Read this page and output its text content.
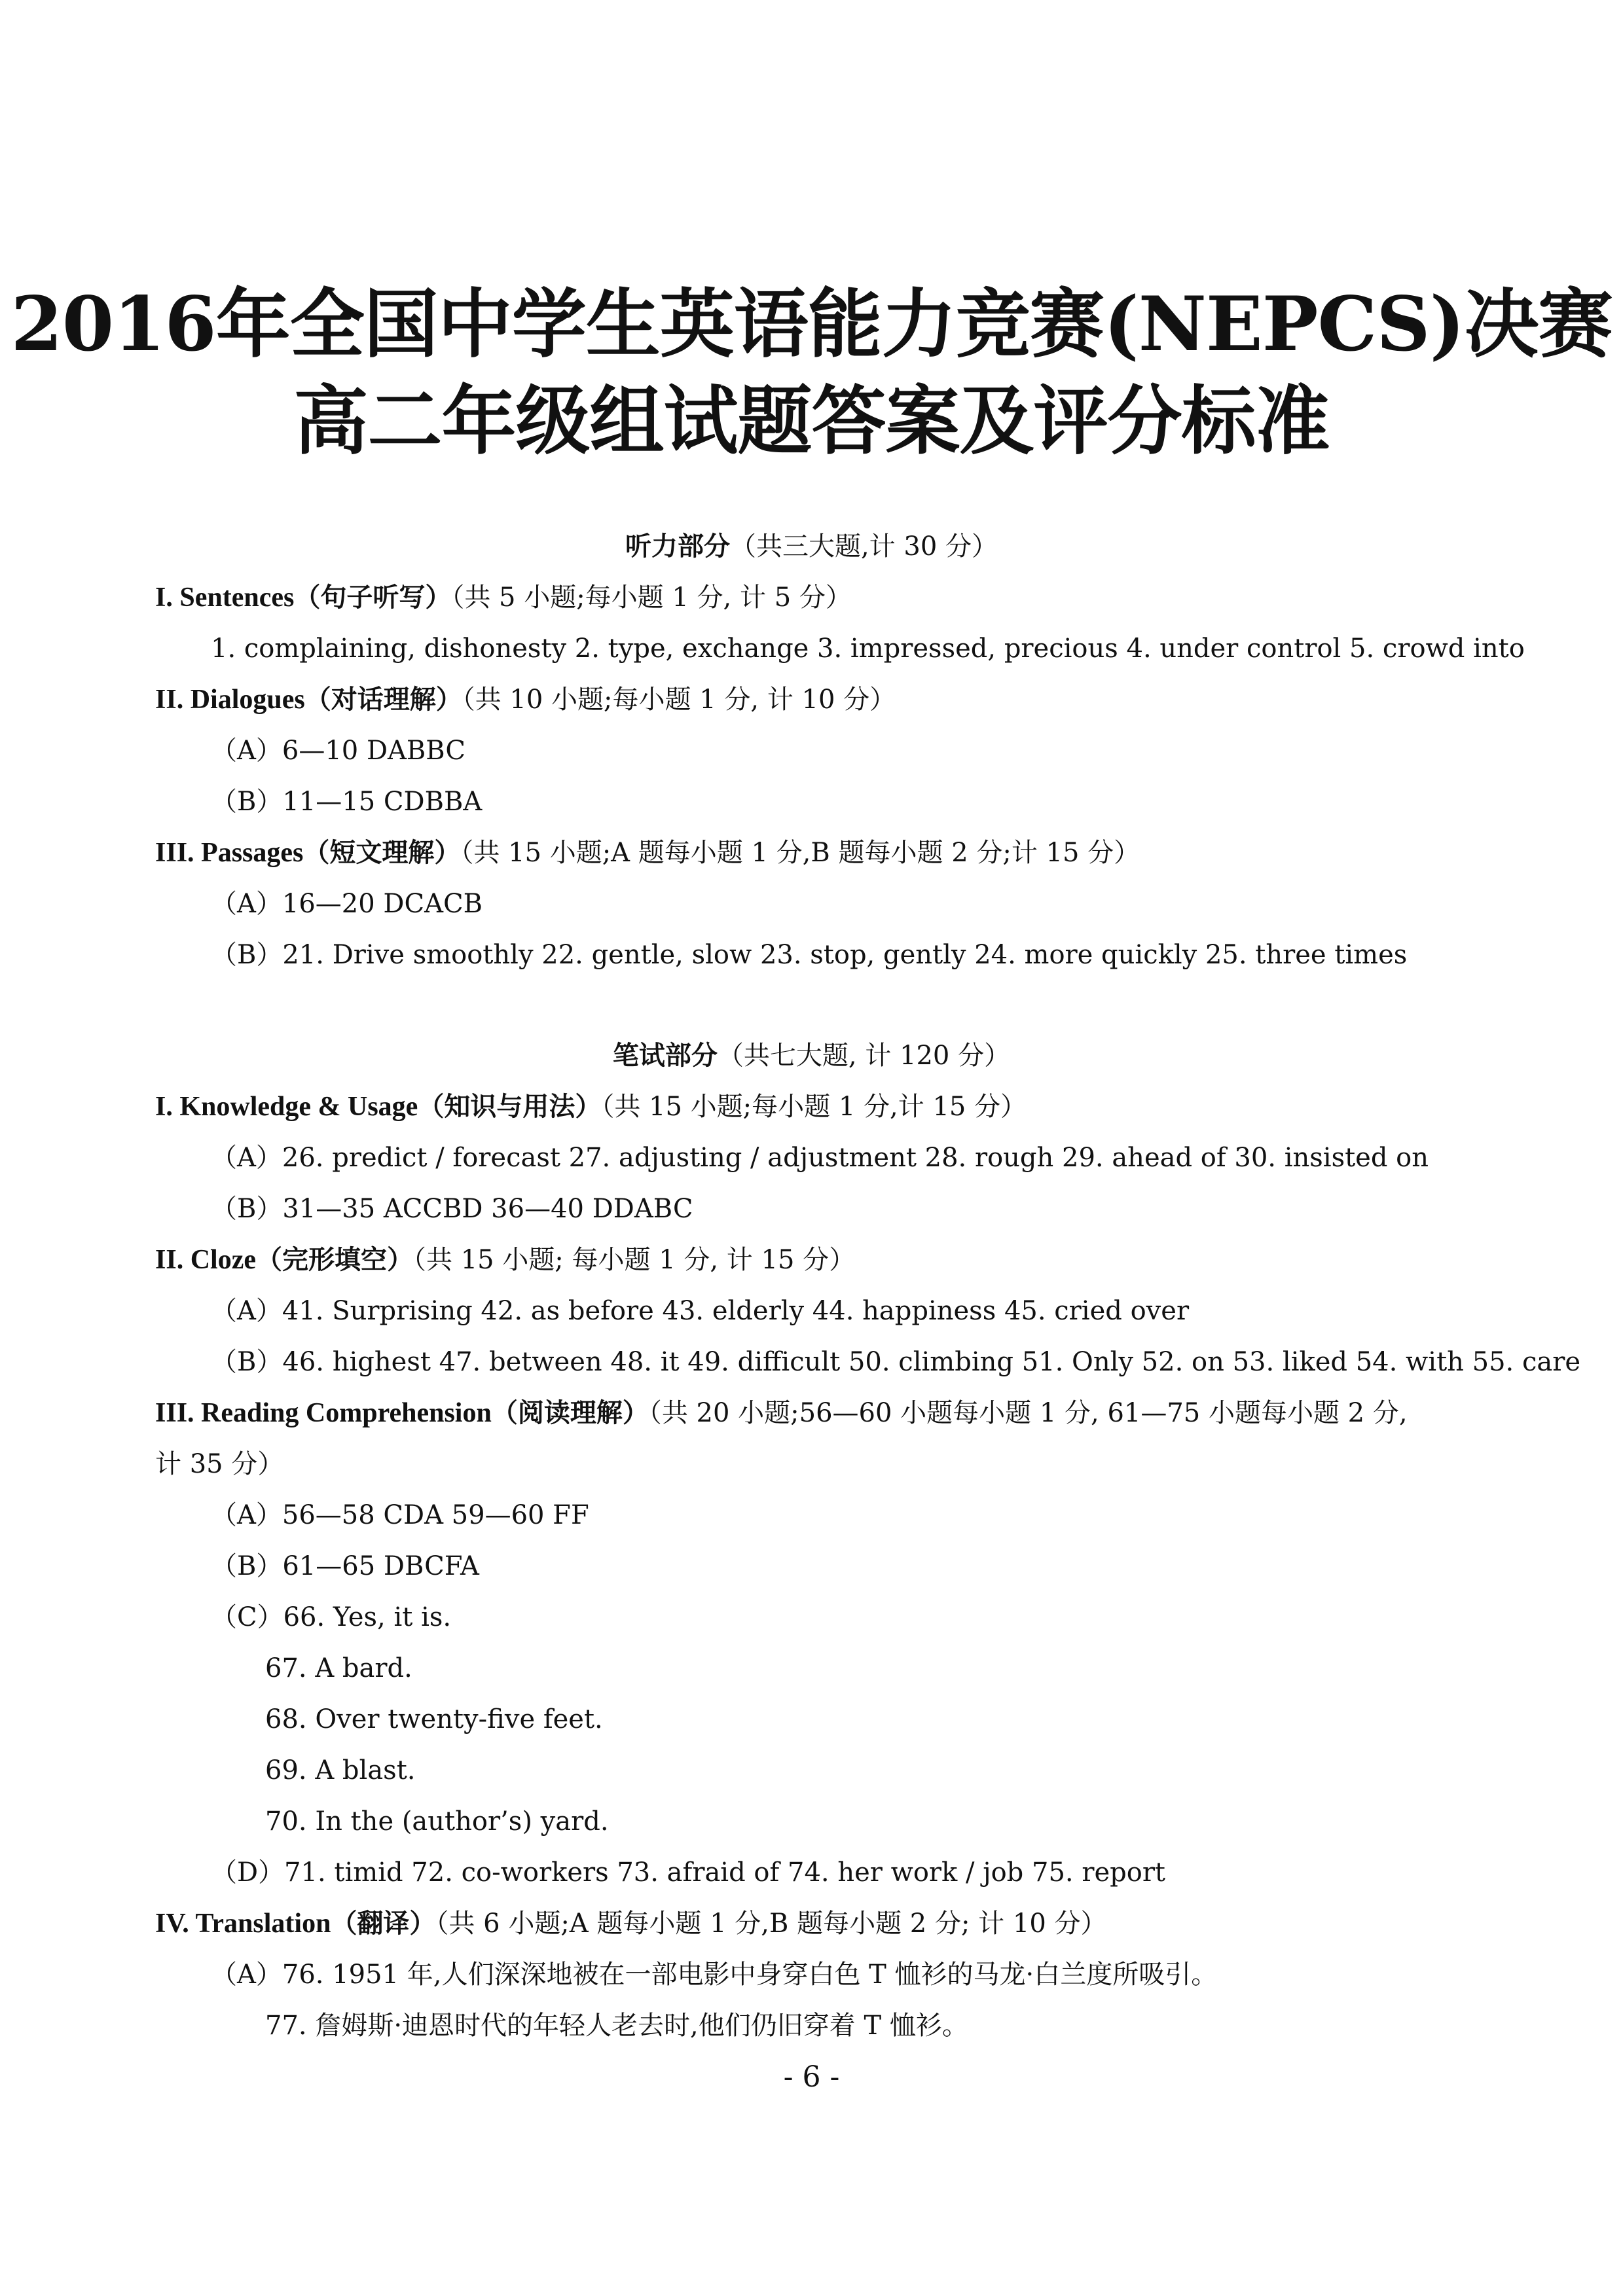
2016年全国中学生英语能力竞赛(NEPCS)决赛
高二年级组试题答案及评分标准
听力部分（共三大题,计 30 分）
I. Sentences（句子听写）（共 5 小题;每小题 1 分, 计 5 分）
1. complaining, dishonesty 2. type, exchange 3. impressed, precious 4. under control 5. crowd into
II. Dialogues（对话理解）（共 10 小题;每小题 1 分, 计 10 分）
（A）6—10 DABBC
（B）11—15 CDBBA
III. Passages（短文理解）（共 15 小题;A 题每小题 1 分,B 题每小题 2 分;计 15 分）
（A）16—20 DCACB
（B）21. Drive smoothly 22. gentle, slow 23. stop, gently 24. more quickly 25. three times
笔试部分（共七大题, 计 120 分）
I. Knowledge & Usage（知识与用法）（共 15 小题;每小题 1 分,计 15 分）
（A）26. predict / forecast 27. adjusting / adjustment 28. rough 29. ahead of 30. insisted on
（B）31—35 ACCBD 36—40 DDABC
II. Cloze（完形填空）（共 15 小题; 每小题 1 分, 计 15 分）
（A）41. Surprising 42. as before 43. elderly 44. happiness 45. cried over
（B）46. highest 47. between 48. it 49. difficult 50. climbing 51. Only 52. on 53. liked 54. with 55. care
III. Reading Comprehension（阅读理解）（共 20 小题;56—60 小题每小题 1 分, 61—75 小题每小题 2 分,
计 35 分）
（A）56—58 CDA 59—60 FF
（B）61—65 DBCFA
（C）66. Yes, it is.
67. A bard.
68. Over twenty-five feet.
69. A blast.
70. In the (author’s) yard.
（D）71. timid 72. co-workers 73. afraid of 74. her work / job 75. report
IV. Translation（翻译）（共 6 小题;A 题每小题 1 分,B 题每小题 2 分; 计 10 分）
（A）76. 1951 年,人们深深地被在一部电影中身穿白色 T 恤衫的马龙·白兰度所吸引。
77. 詹姆斯·迪恩时代的年轻人老去时,他们仍旧穿着 T 恤衫。
- 6 -
